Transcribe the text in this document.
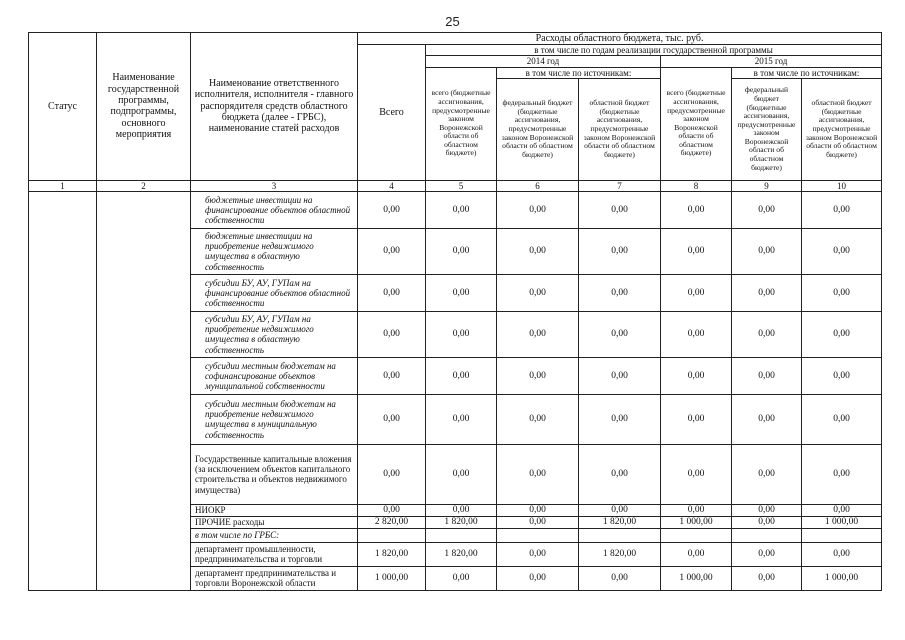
25
Статус	Наименование государственной программы, подпрограммы, основного мероприятия	Наименование ответственного исполнителя, исполнителя - главного распорядителя средств областного бюджета (далее - ГРБС), наименование статей расходов	Расходы областного бюджета, тыс. руб.						
			Всего	в том числе по годам реализации государственной программы					
				2014 год			2015 год		
				всего (бюджетные ассигнования, предусмотренные законом Воронежской области об областном бюджете)	в том числе по источникам:		всего (бюджетные ассигнования, предусмотренные законом Воронежской области об областном бюджете)	в том числе по источникам:	
					федеральный бюджет (бюджетные ассигнования, предусмотренные законом Воронежской области об областном бюджете)	областной бюджет (бюджетные ассигнования, предусмотренные законом Воронежской области об областном бюджете)		федеральный бюджет (бюджетные ассигнования, предусмотренные законом Воронежской области об областном бюджете)	областной бюджет (бюджетные ассигнования, предусмотренные законом Воронежской области об областном бюджете)
1	2	3	4	5	6	7	8	9	10
		бюджетные инвестиции на финансирование объектов областной собственности	0,00	0,00	0,00	0,00	0,00	0,00	0,00
		бюджетные инвестиции на приобретение недвижимого имущества в областную собственность	0,00	0,00	0,00	0,00	0,00	0,00	0,00
		субсидии БУ, АУ, ГУПам на финансирование объектов областной собственности	0,00	0,00	0,00	0,00	0,00	0,00	0,00
		субсидии БУ, АУ, ГУПам на приобретение недвижимого имущества в областную собственность	0,00	0,00	0,00	0,00	0,00	0,00	0,00
		субсидии местным бюджетам на софинансирование объектов муниципальной собственности	0,00	0,00	0,00	0,00	0,00	0,00	0,00
		субсидии местным бюджетам на приобретение недвижимого имущества в муниципальную собственность	0,00	0,00	0,00	0,00	0,00	0,00	0,00
		Государственные капитальные вложения (за исключением объектов капитального строительства и объектов недвижимого имущества)	0,00	0,00	0,00	0,00	0,00	0,00	0,00
		НИОКР	0,00	0,00	0,00	0,00	0,00	0,00	0,00
		ПРОЧИЕ расходы	2 820,00	1 820,00	0,00	1 820,00	1 000,00	0,00	1 000,00
		в том числе по ГРБС:							
		департамент промышленности, предпринимательства и торговли	1 820,00	1 820,00	0,00	1 820,00	0,00	0,00	0,00
		департамент предпринимательства и торговли Воронежской области	1 000,00	0,00	0,00	0,00	1 000,00	0,00	1 000,00
